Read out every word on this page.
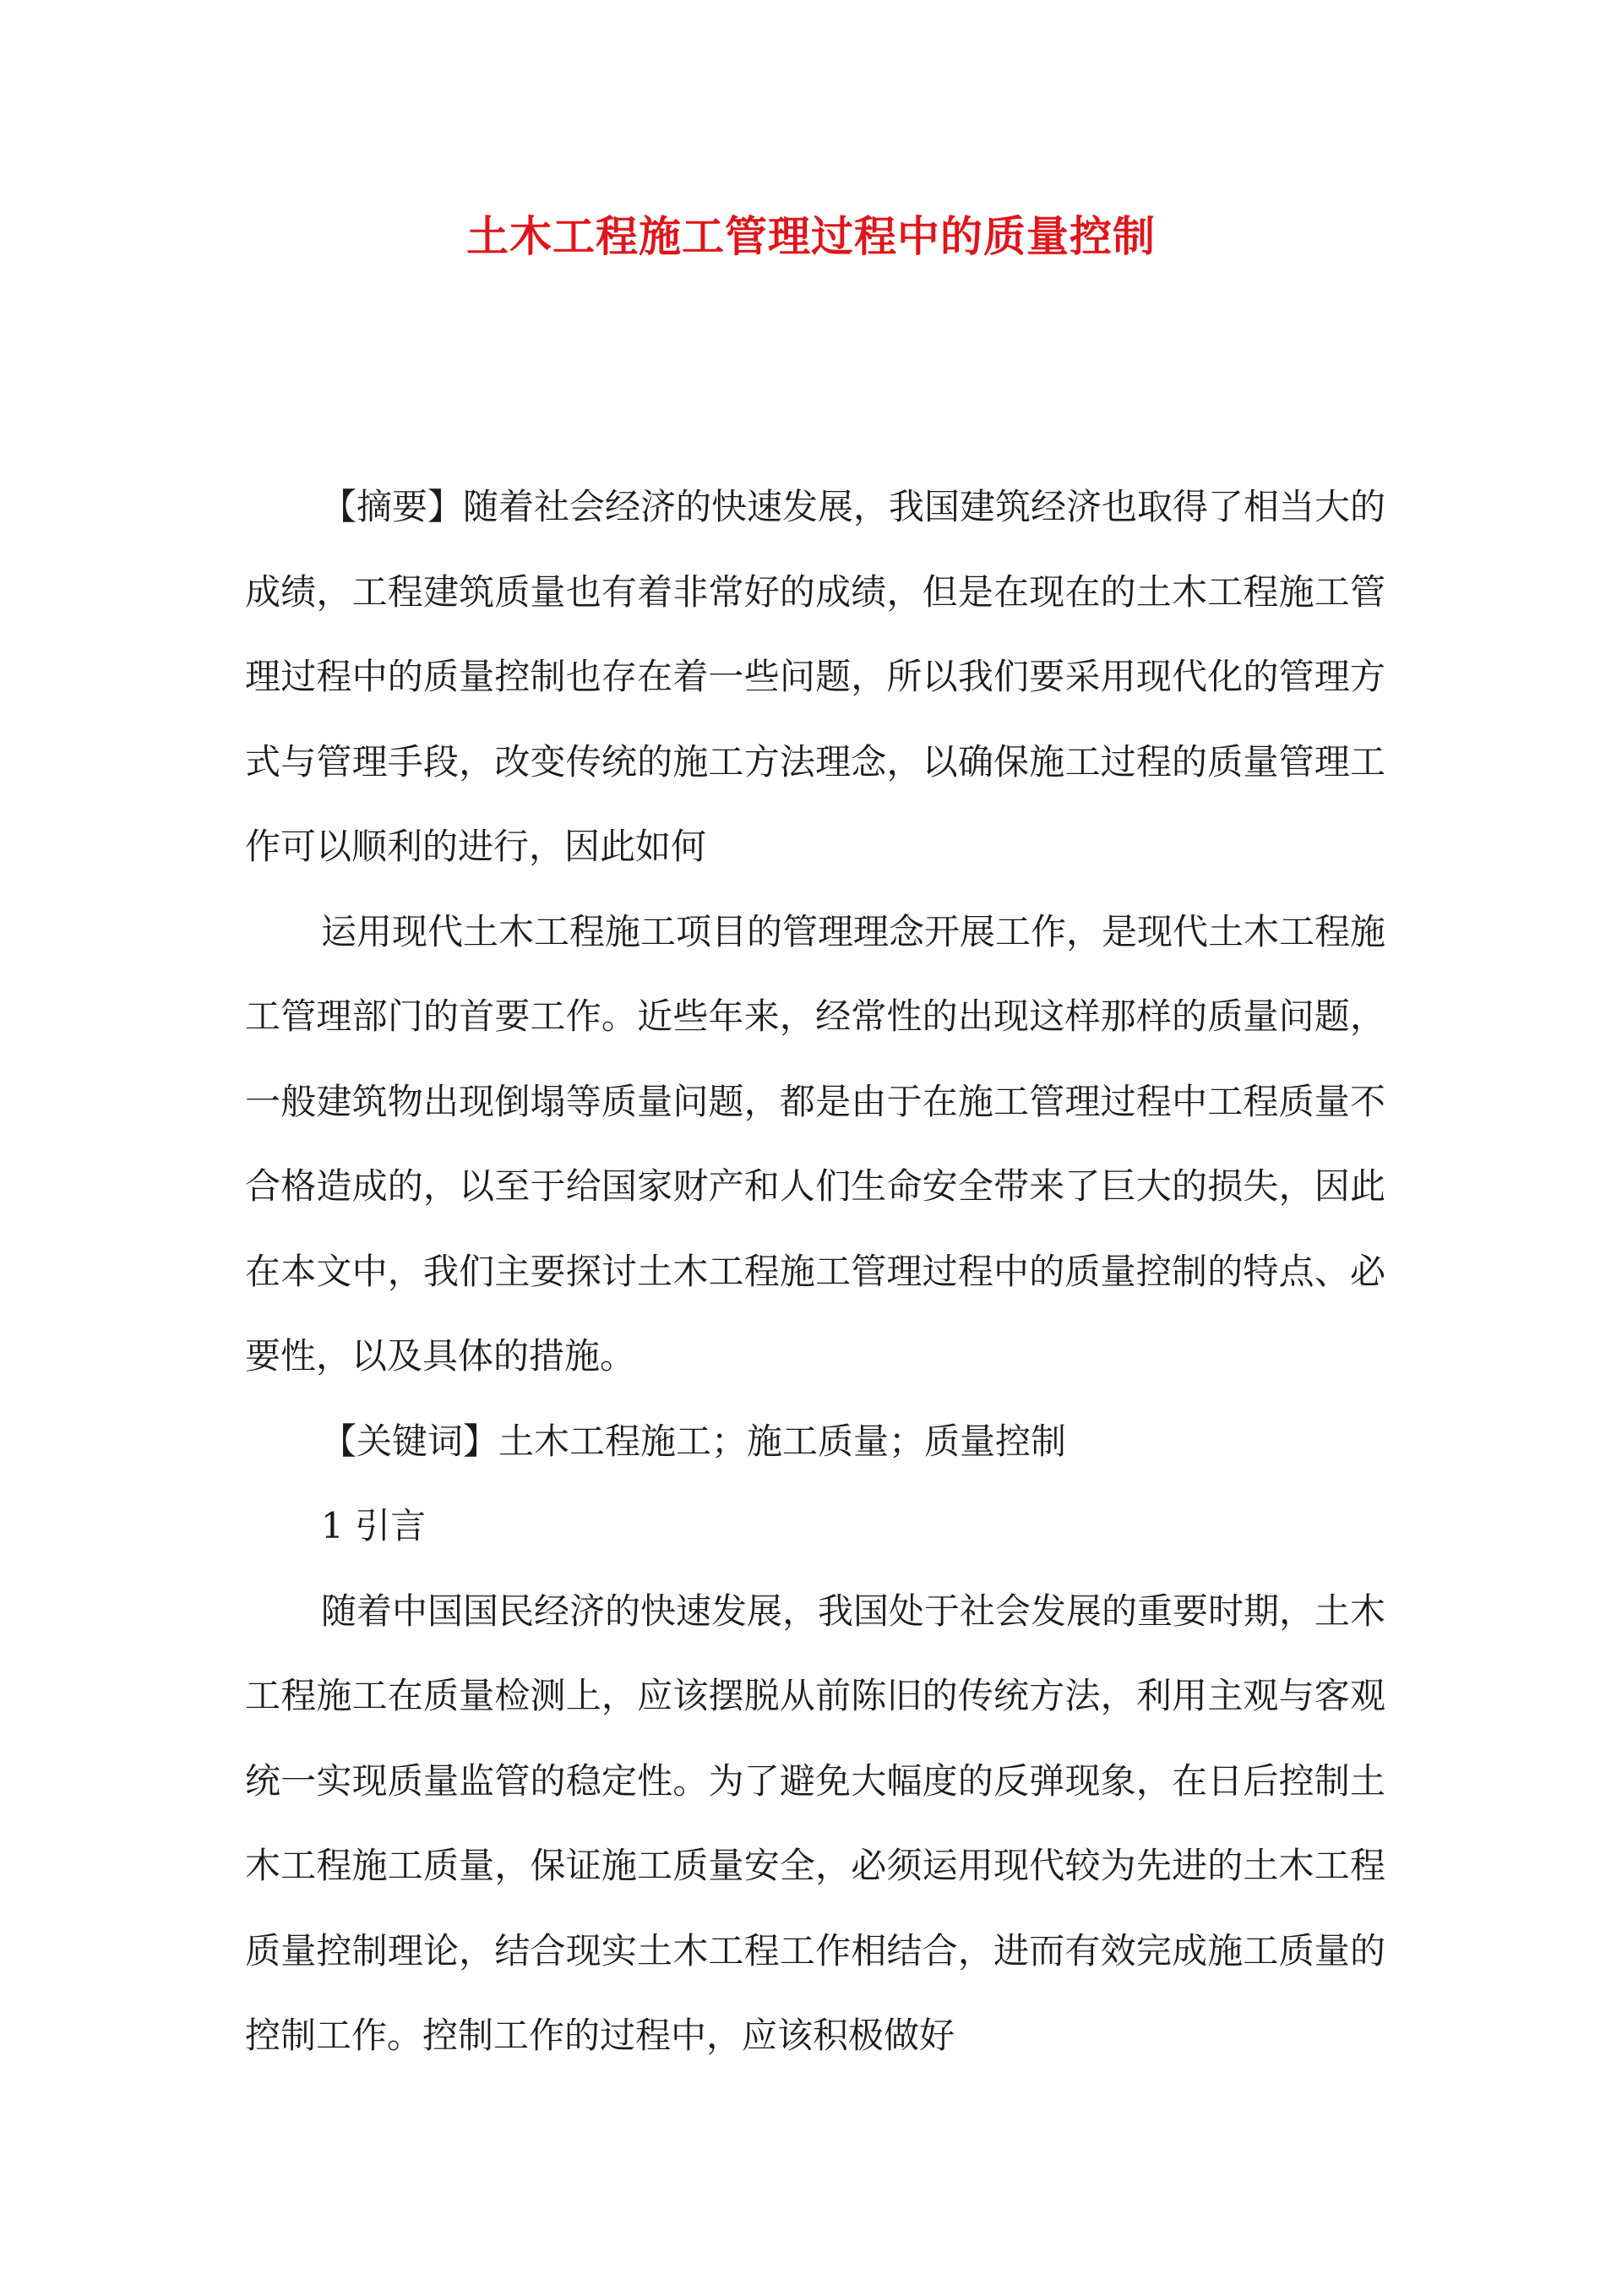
土木工程施工管理过程中的质量控制

【摘要】随着社会经济的快速发展，我国建筑经济也取得了相当大的成绩，工程建筑质量也有着非常好的成绩，但是在现在的土木工程施工管理过程中的质量控制也存在着一些问题，所以我们要采用现代化的管理方式与管理手段，改变传统的施工方法理念，以确保施工过程的质量管理工作可以顺利的进行，因此如何

运用现代土木工程施工项目的管理理念开展工作，是现代土木工程施工管理部门的首要工作。近些年来，经常性的出现这样那样的质量问题，一般建筑物出现倒塌等质量问题，都是由于在施工管理过程中工程质量不合格造成的，以至于给国家财产和人们生命安全带来了巨大的损失，因此在本文中，我们主要探讨土木工程施工管理过程中的质量控制的特点、必要性，以及具体的措施。

【关键词】土木工程施工；施工质量；质量控制

1 引言

随着中国国民经济的快速发展，我国处于社会发展的重要时期，土木工程施工在质量检测上，应该摆脱从前陈旧的传统方法，利用主观与客观统一实现质量监管的稳定性。为了避免大幅度的反弹现象，在日后控制土木工程施工质量，保证施工质量安全，必须运用现代较为先进的土木工程质量控制理论，结合现实土木工程工作相结合，进而有效完成施工质量的控制工作。控制工作的过程中，应该积极做好
